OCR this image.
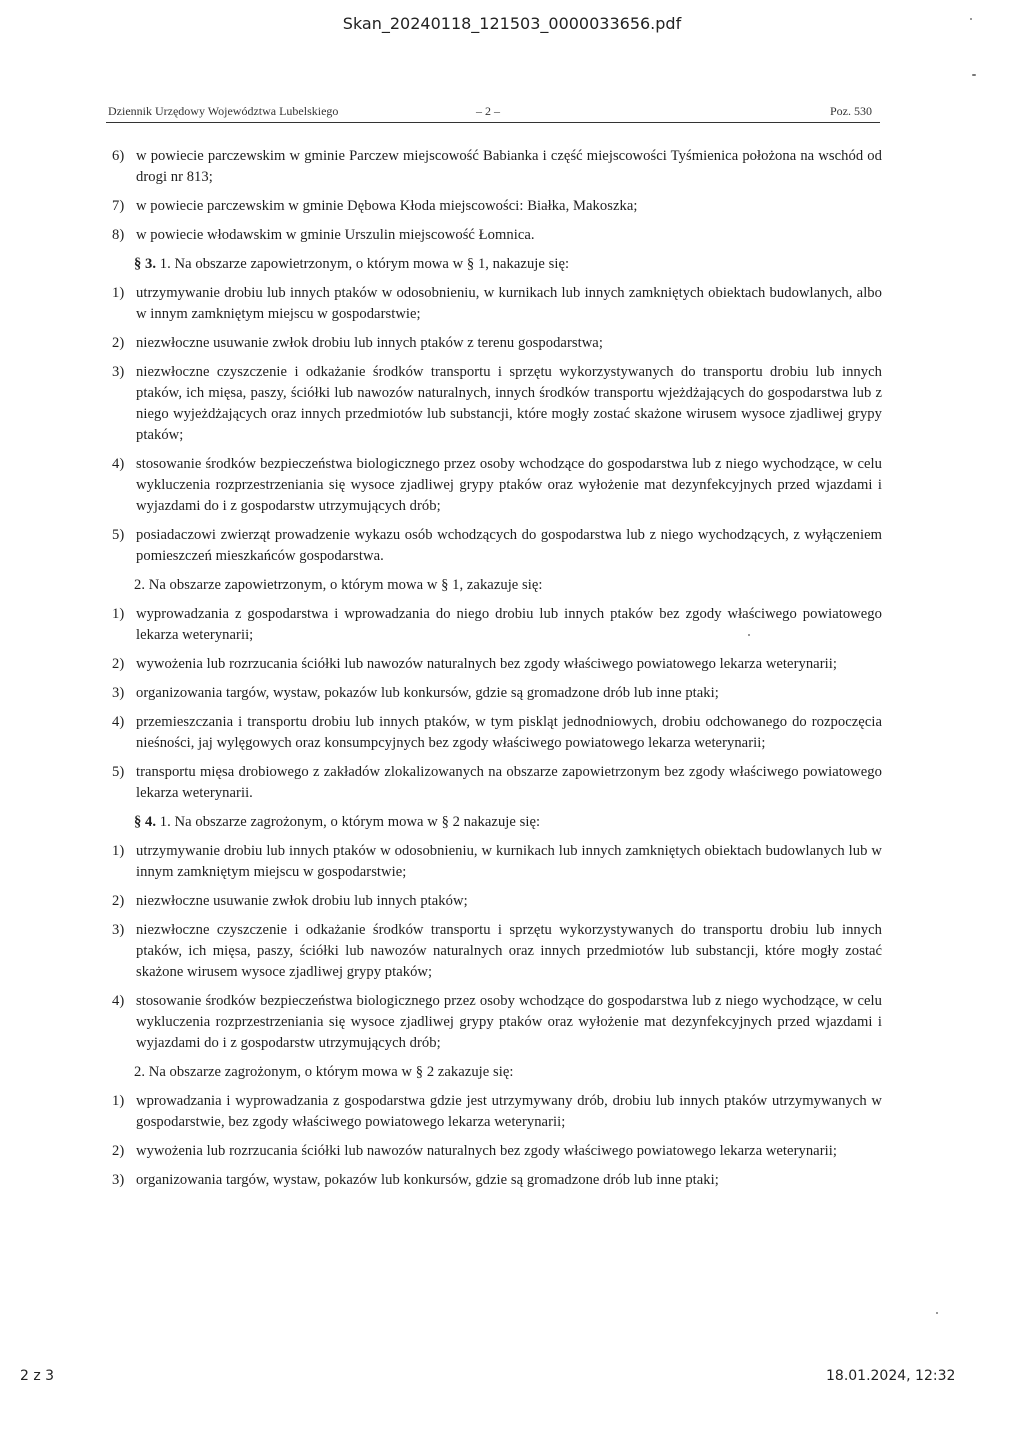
Skan_20240118_121503_0000033656.pdf
Dziennik Urzędowy Województwa Lubelskiego	– 2 –	Poz. 530
6) w powiecie parczewskim w gminie Parczew miejscowość Babianka i część miejscowości Tyśmienica położona na wschód od drogi nr 813;
7) w powiecie parczewskim w gminie Dębowa Kłoda miejscowości: Białka, Makoszka;
8) w powiecie włodawskim w gminie Urszulin miejscowość Łomnica.
§ 3. 1. Na obszarze zapowietrzonym, o którym mowa w § 1, nakazuje się:
1) utrzymywanie drobiu lub innych ptaków w odosobnieniu, w kurnikach lub innych zamkniętych obiektach budowlanych, albo w innym zamkniętym miejscu w gospodarstwie;
2) niezwłoczne usuwanie zwłok drobiu lub innych ptaków z terenu gospodarstwa;
3) niezwłoczne czyszczenie i odkażanie środków transportu i sprzętu wykorzystywanych do transportu drobiu lub innych ptaków, ich mięsa, paszy, ściółki lub nawozów naturalnych, innych środków transportu wjeżdżających do gospodarstwa lub z niego wyjeżdżających oraz innych przedmiotów lub substancji, które mogły zostać skażone wirusem wysoce zjadliwej grypy ptaków;
4) stosowanie środków bezpieczeństwa biologicznego przez osoby wchodzące do gospodarstwa lub z niego wychodzące, w celu wykluczenia rozprzestrzeniania się wysoce zjadliwej grypy ptaków oraz wyłożenie mat dezynfekcyjnych przed wjazdami i wyjazdami do i z gospodarstw utrzymujących drób;
5) posiadaczowi zwierząt prowadzenie wykazu osób wchodzących do gospodarstwa lub z niego wychodzących, z wyłączeniem pomieszczeń mieszkańców gospodarstwa.
2. Na obszarze zapowietrzonym, o którym mowa w § 1, zakazuje się:
1) wyprowadzania z gospodarstwa i wprowadzania do niego drobiu lub innych ptaków bez zgody właściwego powiatowego lekarza weterynarii;
2) wywożenia lub rozrzucania ściółki lub nawozów naturalnych bez zgody właściwego powiatowego lekarza weterynarii;
3) organizowania targów, wystaw, pokazów lub konkursów, gdzie są gromadzone drób lub inne ptaki;
4) przemieszczania i transportu drobiu lub innych ptaków, w tym piskląt jednodniowych, drobiu odchowanego do rozpoczęcia nieśności, jaj wylęgowych oraz konsumpcyjnych bez zgody właściwego powiatowego lekarza weterynarii;
5) transportu mięsa drobiowego z zakładów zlokalizowanych na obszarze zapowietrzonym bez zgody właściwego powiatowego lekarza weterynarii.
§ 4. 1. Na obszarze zagrożonym, o którym mowa w § 2 nakazuje się:
1) utrzymywanie drobiu lub innych ptaków w odosobnieniu, w kurnikach lub innych zamkniętych obiektach budowlanych lub w innym zamkniętym miejscu w gospodarstwie;
2) niezwłoczne usuwanie zwłok drobiu lub innych ptaków;
3) niezwłoczne czyszczenie i odkażanie środków transportu i sprzętu wykorzystywanych do transportu drobiu lub innych ptaków, ich mięsa, paszy, ściółki lub nawozów naturalnych oraz innych przedmiotów lub substancji, które mogły zostać skażone wirusem wysoce zjadliwej grypy ptaków;
4) stosowanie środków bezpieczeństwa biologicznego przez osoby wchodzące do gospodarstwa lub z niego wychodzące, w celu wykluczenia rozprzestrzeniania się wysoce zjadliwej grypy ptaków oraz wyłożenie mat dezynfekcyjnych przed wjazdami i wyjazdami do i z gospodarstw utrzymujących drób;
2. Na obszarze zagrożonym, o którym mowa w § 2 zakazuje się:
1) wprowadzania i wyprowadzania z gospodarstwa gdzie jest utrzymywany drób, drobiu lub innych ptaków utrzymywanych w gospodarstwie, bez zgody właściwego powiatowego lekarza weterynarii;
2) wywożenia lub rozrzucania ściółki lub nawozów naturalnych bez zgody właściwego powiatowego lekarza weterynarii;
3) organizowania targów, wystaw, pokazów lub konkursów, gdzie są gromadzone drób lub inne ptaki;
2 z 3	18.01.2024, 12:32
